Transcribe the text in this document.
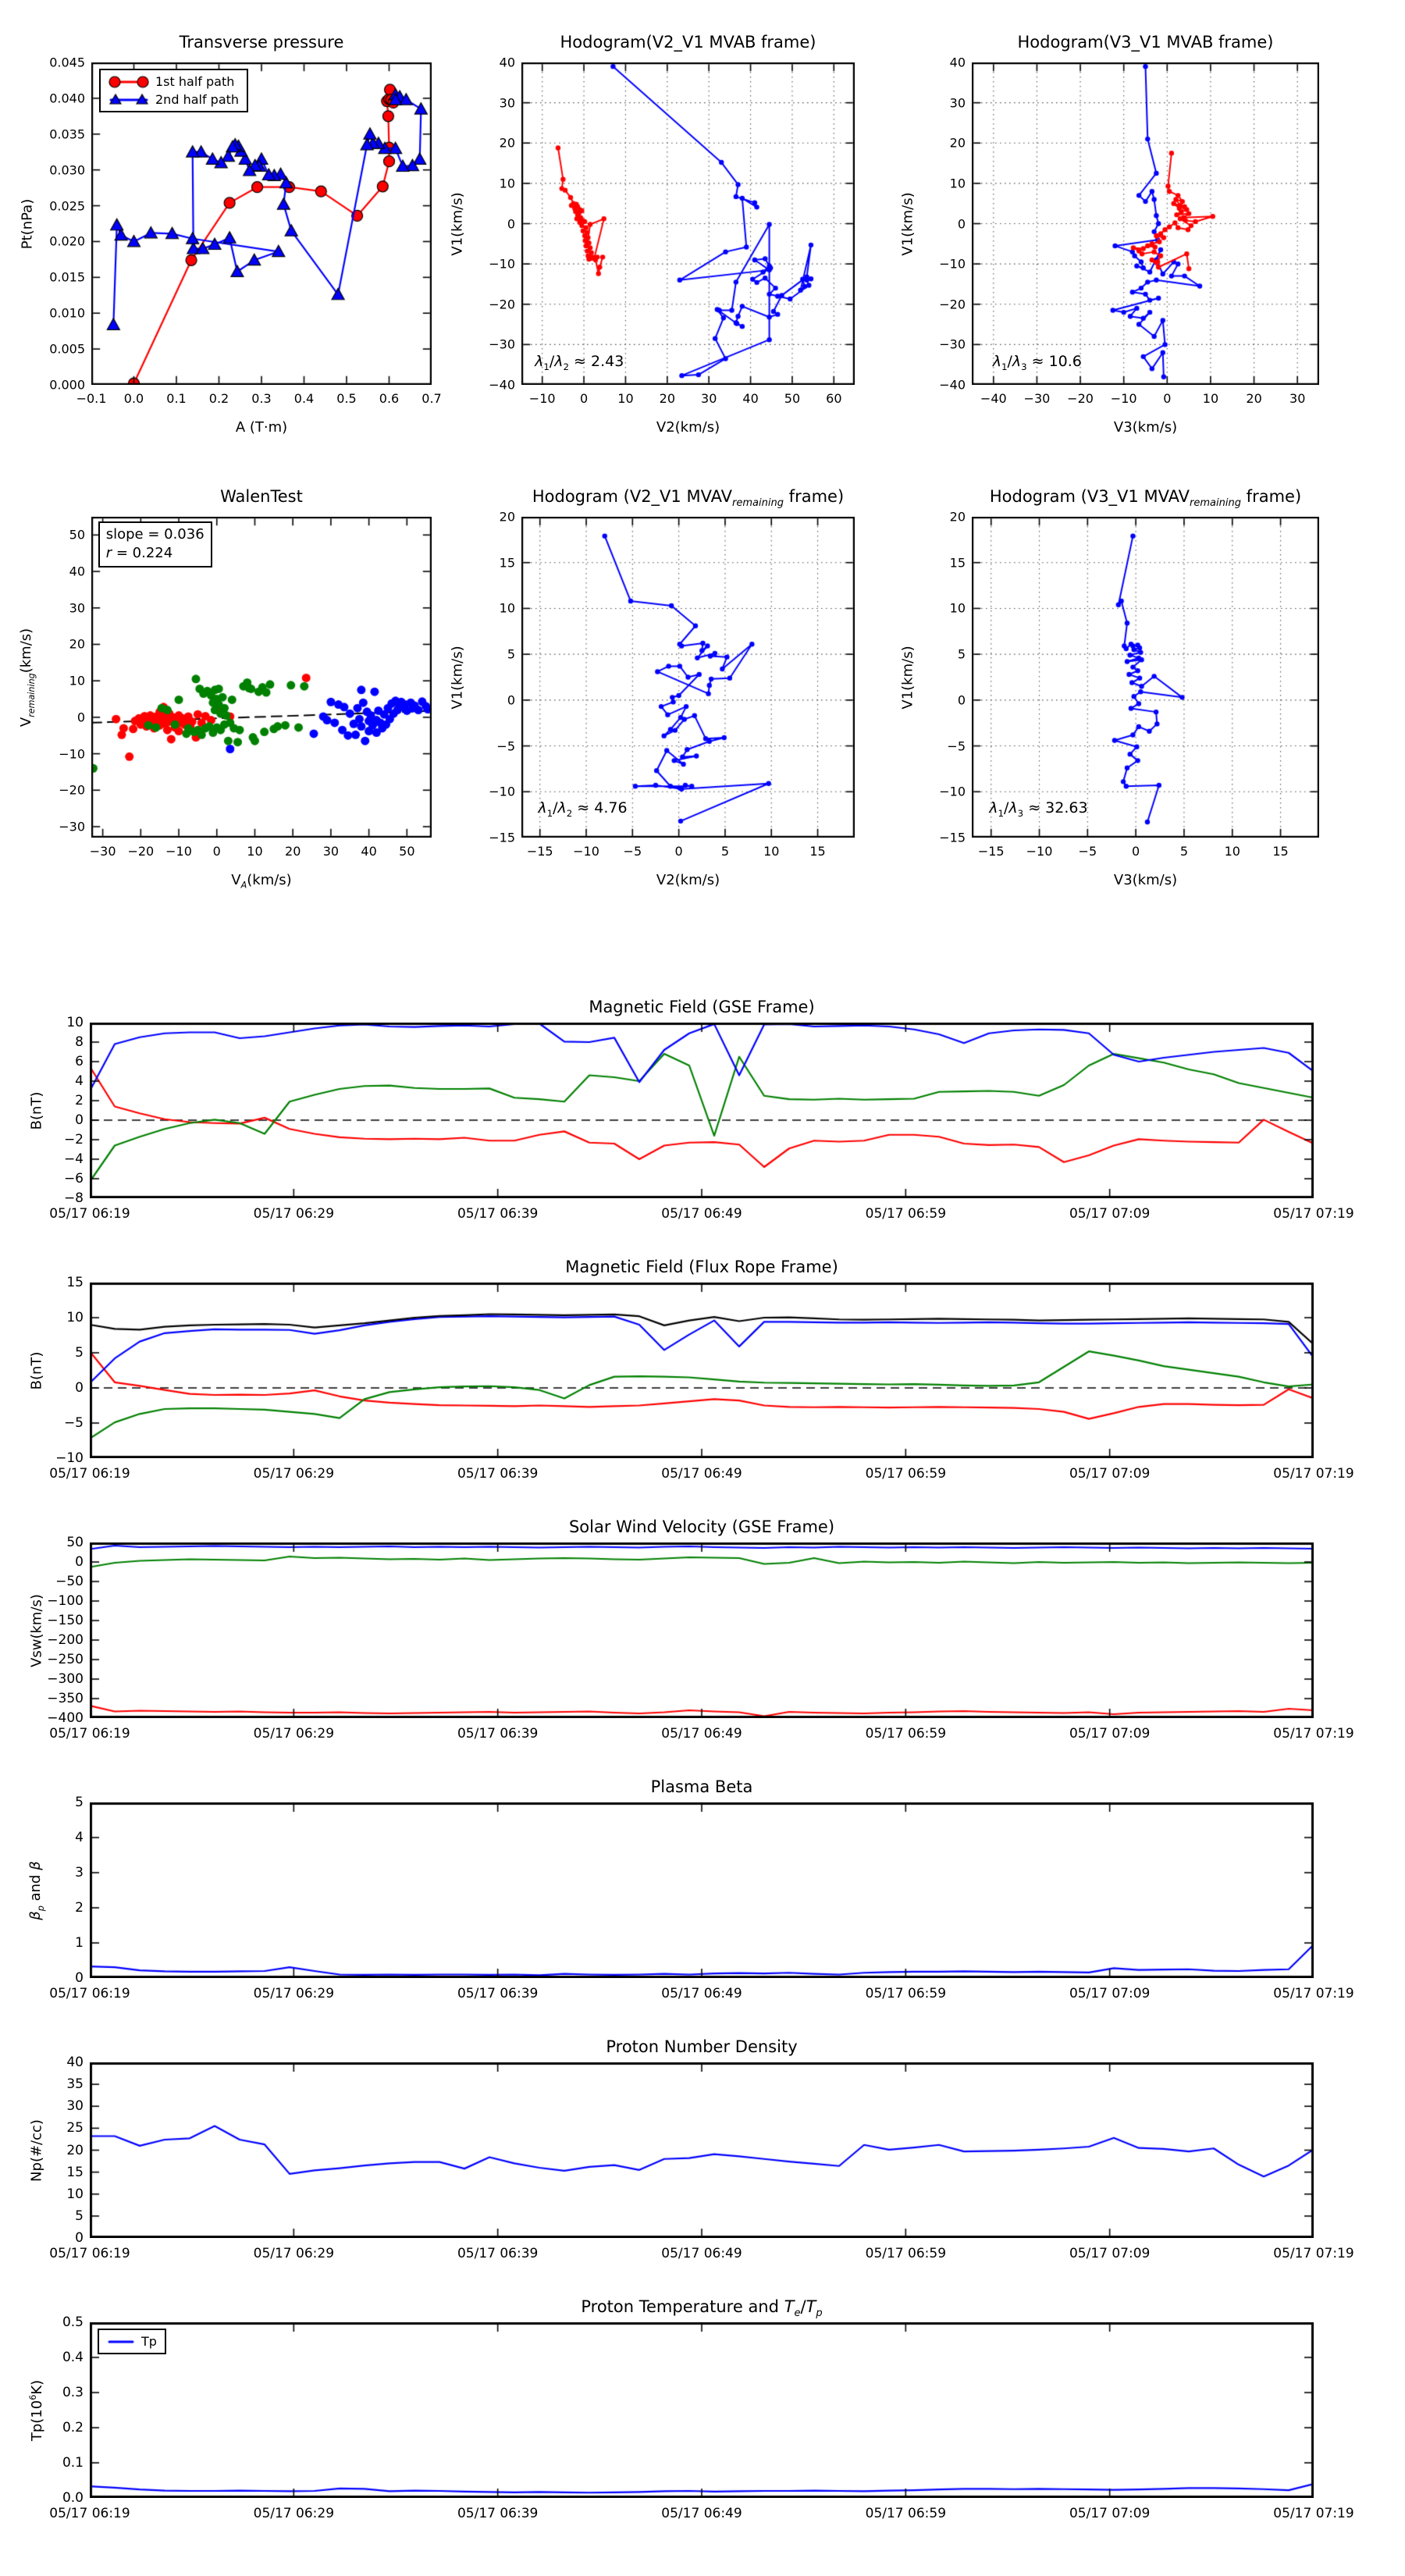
Transverse pressure
−0.1 0.0 0.1 0.2 0.3 0.4 0.5 0.6 0.7
0.000
0.005
0.010
0.015
0.020
0.025
0.030
0.035
0.040
0.045
A (T·m)
Pt(nPa)
1st half path
2nd half path
Hodogram(V2_V1 MVAB frame)
−10 0 10 20 30 40 50 60
−40
−30
−20
−10
0
10
20
30
40
V2(km/s)
V1(km/s)
$\lambda_1/\lambda_2 \approx 2.43$
Hodogram(V3_V1 MVAB frame)
−40 −30 −20 −10 0	10 20 30
−40
−30
−20
−10
0
10
20
30
40
V3(km/s)
V1(km/s)
$\lambda_1/\lambda_3 \approx 10.6$
WalenTest
−30 −20 −10 0 10 20 30 40 50
−30
−20
−10
0
10
20
30
40
50
$V_A(km/s)$
$V_{remaining}(km/s)$
slope = 0.036
r = 0.224
Hodogram (V2_V1 $MVAV_{remaining}$ frame)
−15 −10 −5	0	5	10 15
−15
−10
−5
0
5
10
15
20
V2(km/s)
V1(km/s)
$\lambda_1/\lambda_2 \approx 4.76$
Hodogram (V3_V1 $MVAV_{remaining}$ frame)
−15 −10 −5	0	5	10	15
−15
−10
−5
0
5
10
15
20
V3(km/s)
V1(km/s)
$\lambda_1/\lambda_3 \approx 32.63$
Magnetic Field (GSE Frame)
05/17 06:19	05/17 06:29	05/17 06:39	05/17 06:49	05/17 06:59	05/17 07:09	05/17 07:19
−8
−6
−4
−2
0
2
4
6
8
10
B(nT)
Magnetic Field (Flux Rope Frame)
05/17 06:19	05/17 06:29	05/17 06:39	05/17 06:49	05/17 06:59	05/17 07:09	05/17 07:19
−10
−5
0
5
10
15
B(nT)
Solar Wind Velocity (GSE Frame)
05/17 06:19	05/17 06:29	05/17 06:39	05/17 06:49	05/17 06:59	05/17 07:09	05/17 07:19
−400
−350
−300
−250
−200
−150
−100
−50
0
50
Vsw(km/s)
Plasma Beta
05/17 06:19	05/17 06:29	05/17 06:39	05/17 06:49	05/17 06:59	05/17 07:09	05/17 07:19
0
1
2
3
4
5
$\beta_p$ and β
Proton Number Density
05/17 06:19	05/17 06:29	05/17 06:39	05/17 06:49	05/17 06:59	05/17 07:09	05/17 07:19
0
5
10
15
20
25
30
35
40
Np(#/cc)
Proton Temperature and $T_e/T_p$
05/17 06:19	05/17 06:29	05/17 06:39	05/17 06:49	05/17 06:59	05/17 07:09	05/17 07:19
0.0
0.1
0.2
0.3
0.4
0.5
$Tp(10^6K)$
Tp
